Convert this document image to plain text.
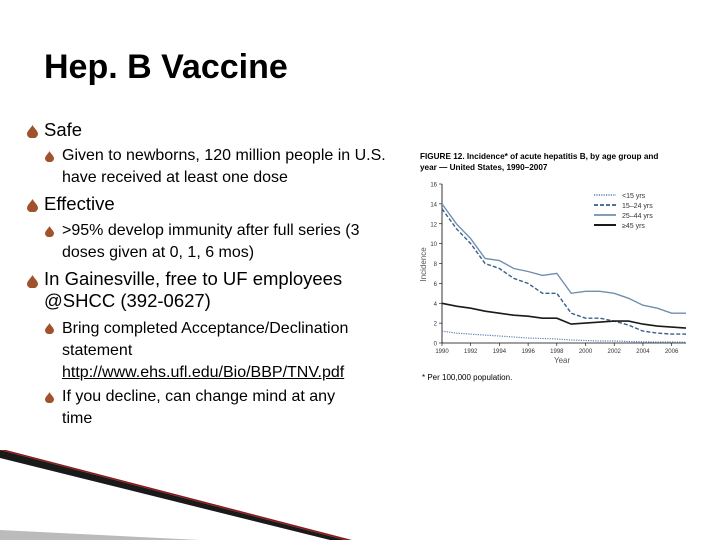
Hep. B Vaccine
Safe
Given to newborns, 120 million people in U.S. have received at least one dose
Effective
>95% develop immunity after full series (3 doses given at 0, 1, 6 mos)
In Gainesville, free to UF employees
@SHCC (392-0627)
Bring completed Acceptance/Declination
statement
http://www.ehs.ufl.edu/Bio/BBP/TNV.pdf
If you decline, can change mind at any
time
FIGURE 12. Incidence* of acute hepatitis B, by age group and
year — United States, 1990–2007
0
2
4
6
8
10
12
14
16
1990	1992	1994	1996	1998	2000	2002	2004	2006
Year
Incidence
<15 yrs
15–24 yrs
25–44 yrs
≥45 yrs
* Per 100,000 population.
